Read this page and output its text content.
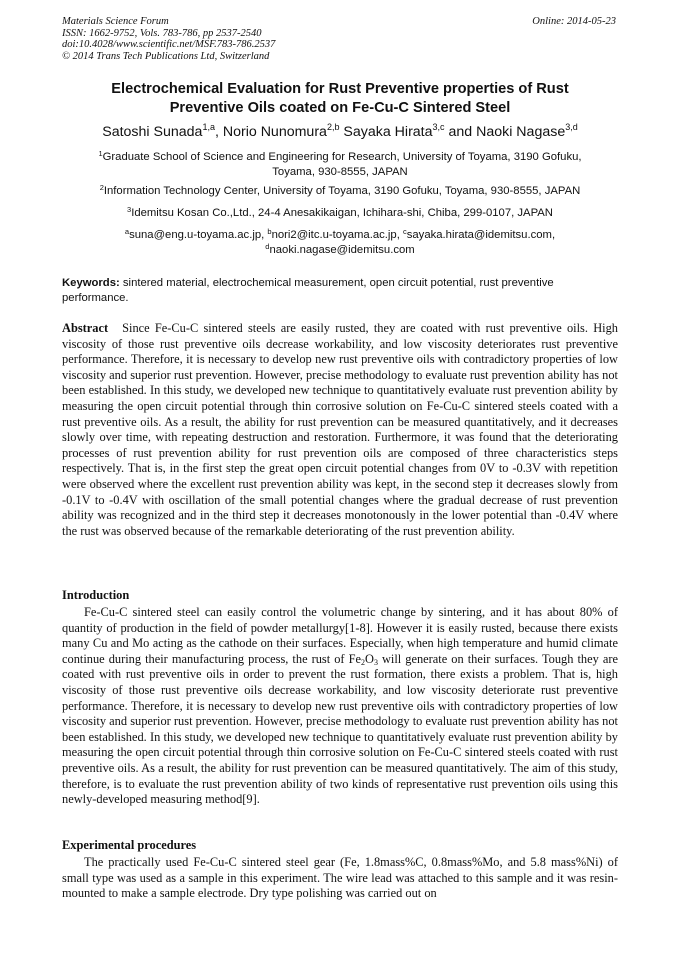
Materials Science Forum
ISSN: 1662-9752, Vols. 783-786, pp 2537-2540
doi:10.4028/www.scientific.net/MSF.783-786.2537
© 2014 Trans Tech Publications Ltd, Switzerland
Online: 2014-05-23
Electrochemical Evaluation for Rust Preventive properties of Rust
Preventive Oils coated on Fe-Cu-C Sintered Steel
Satoshi Sunada$^{1,a}$, Norio Nunomura$^{2,b}$ Sayaka Hirata$^{3,c}$ and Naoki Nagase$^{3,d}$
$^1$Graduate School of Science and Engineering for Research, University of Toyama, 3190 Gofuku,
Toyama, 930-8555, JAPAN
$^2$Information Technology Center, University of Toyama, 3190 Gofuku, Toyama, 930-8555, JAPAN
$^3$Idemitsu Kosan Co.,Ltd., 24-4 Anesakikaigan, Ichihara-shi, Chiba, 299-0107, JAPAN
$^a$suna@eng.u-toyama.ac.jp, $^b$nori2@itc.u-toyama.ac.jp, $^c$sayaka.hirata@idemitsu.com,
$^d$naoki.nagase@idemitsu.com
Keywords: sintered material, electrochemical measurement, open circuit potential, rust preventive performance.
Abstract Since Fe-Cu-C sintered steels are easily rusted, they are coated with rust preventive oils. High viscosity of those rust preventive oils decrease workability, and low viscosity deteriorates rust preventive performance. Therefore, it is necessary to develop new rust preventive oils with contradictory properties of low viscosity and superior rust prevention. However, precise methodology to evaluate rust prevention ability has not been established. In this study, we developed new technique to quantitatively evaluate rust prevention ability by measuring the open circuit potential through thin corrosive solution on Fe-Cu-C sintered steels coated with a rust preventive oils. As a result, the ability for rust prevention can be measured quantitatively, and it decreases slowly over time, with repeating destruction and restoration. Furthermore, it was found that the deteriorating processes of rust prevention ability for rust prevention oils are composed of three characteristics steps respectively. That is, in the first step the great open circuit potential changes from 0V to -0.3V with repetition were observed where the excellent rust prevention ability was kept, in the second step it decreases slowly from -0.1V to -0.4V with oscillation of the small potential changes where the gradual decrease of rust prevention ability was recognized and in the third step it decreases monotonously in the lower potential than -0.4V where the rust was observed because of the remarkable deteriorating of the rust prevention ability.
Introduction
Fe-Cu-C sintered steel can easily control the volumetric change by sintering, and it has about 80% of quantity of production in the field of powder metallurgy[1-8]. However it is easily rusted, because there exists many Cu and Mo acting as the cathode on their surfaces. Especially, when high temperature and humid climate continue during their manufacturing process, the rust of $Fe_2O_3$ will generate on their surfaces. Tough they are coated with rust preventive oils in order to prevent the rust formation, there exists a problem. That is, high viscosity of those rust preventive oils decrease workability, and low viscosity deteriorate rust preventive performance. Therefore, it is necessary to develop new rust preventive oils with contradictory properties of low viscosity and superior rust prevention. However, precise methodology to evaluate rust prevention ability has not been established. In this study, we developed new technique to quantitatively evaluate rust prevention ability by measuring the open circuit potential through thin corrosive solution on Fe-Cu-C sintered steels coated with rust preventive oils. As a result, the ability for rust prevention can be measured quantitatively. The aim of this study, therefore, is to evaluate the rust prevention ability of two kinds of representative rust prevention oils using this newly-developed measuring method[9].
Experimental procedures
The practically used Fe-Cu-C sintered steel gear (Fe, 1.8mass%C, 0.8mass%Mo, and 5.8 mass%Ni) of small type was used as a sample in this experiment. The wire lead was attached to this sample and it was resin-mounted to make a sample electrode. Dry type polishing was carried out on
